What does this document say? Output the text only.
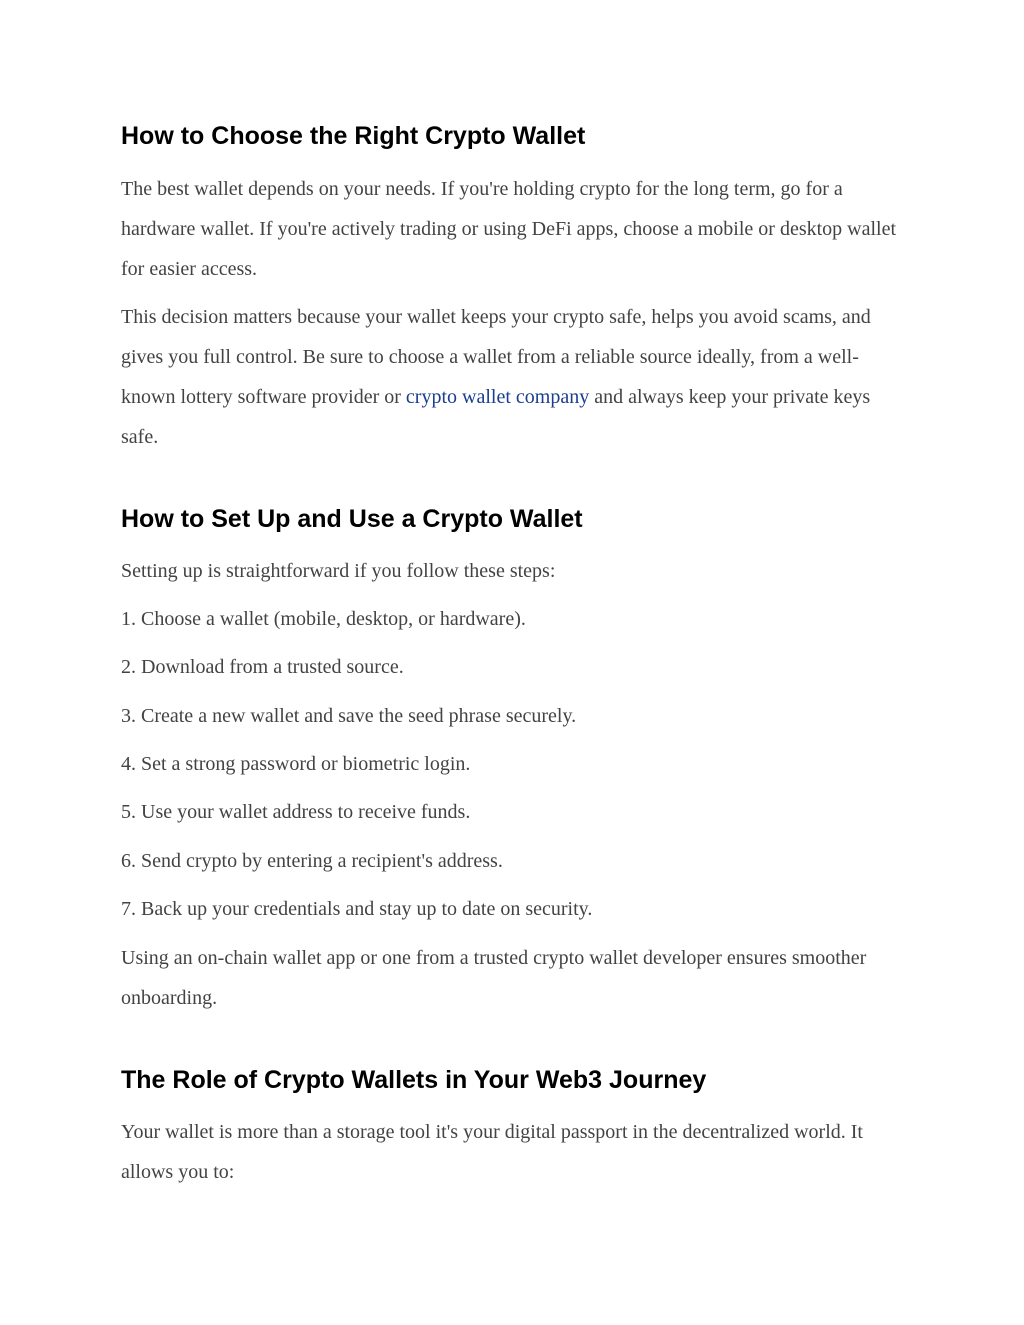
How to Choose the Right Crypto Wallet

The best wallet depends on your needs. If you're holding crypto for the long term, go for a hardware wallet. If you're actively trading or using DeFi apps, choose a mobile or desktop wallet for easier access.

This decision matters because your wallet keeps your crypto safe, helps you avoid scams, and gives you full control. Be sure to choose a wallet from a reliable source ideally, from a well-known lottery software provider or crypto wallet company and always keep your private keys safe.

How to Set Up and Use a Crypto Wallet

Setting up is straightforward if you follow these steps:

1. Choose a wallet (mobile, desktop, or hardware).

2. Download from a trusted source.

3. Create a new wallet and save the seed phrase securely.

4. Set a strong password or biometric login.

5. Use your wallet address to receive funds.

6. Send crypto by entering a recipient's address.

7. Back up your credentials and stay up to date on security.

Using an on-chain wallet app or one from a trusted crypto wallet developer ensures smoother onboarding.

The Role of Crypto Wallets in Your Web3 Journey

Your wallet is more than a storage tool it's your digital passport in the decentralized world. It allows you to:
